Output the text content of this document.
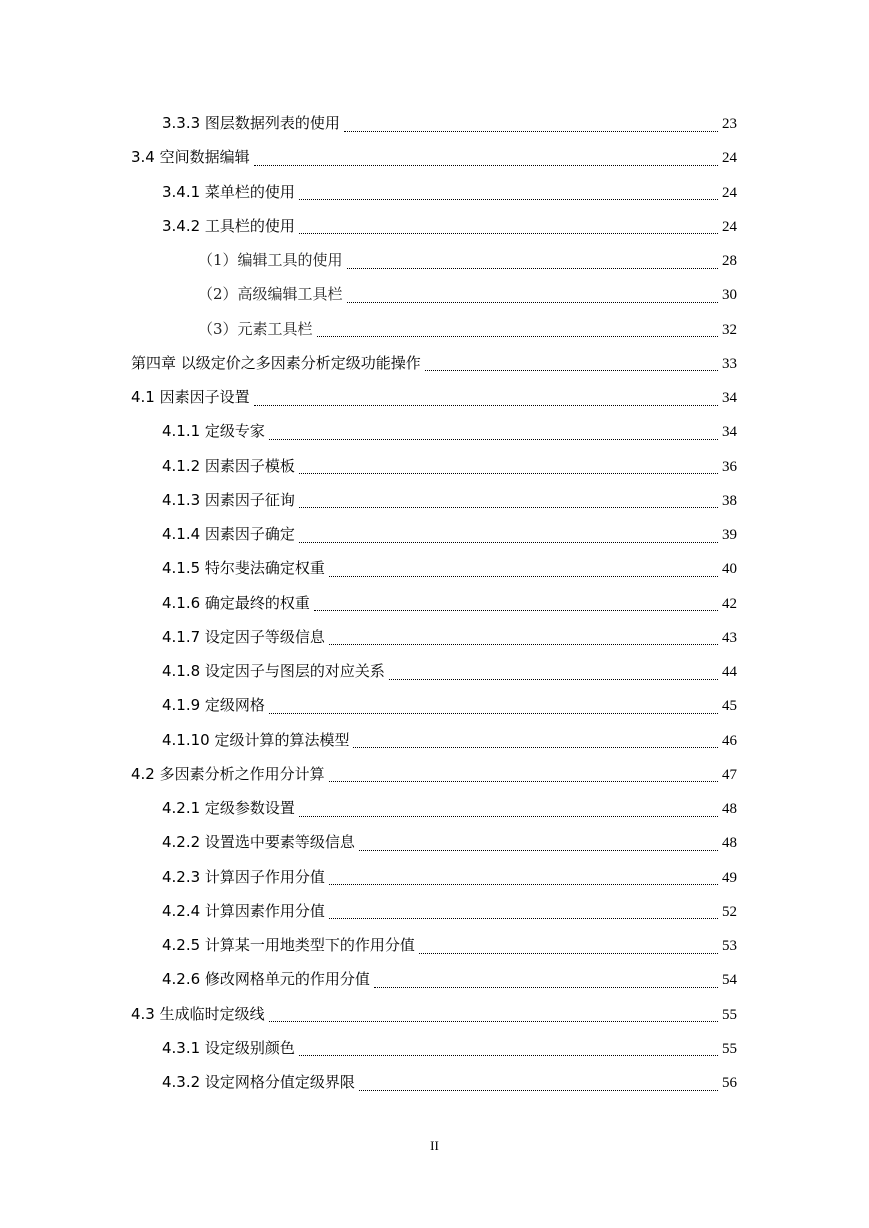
3.3.3 图层数据列表的使用	23
3.4 空间数据编辑	24
3.4.1 菜单栏的使用	24
3.4.2 工具栏的使用	24
（1）编辑工具的使用	28
（2）高级编辑工具栏	30
（3）元素工具栏	32
第四章 以级定价之多因素分析定级功能操作	33
4.1 因素因子设置	34
4.1.1 定级专家	34
4.1.2 因素因子模板	36
4.1.3 因素因子征询	38
4.1.4 因素因子确定	39
4.1.5 特尔斐法确定权重	40
4.1.6 确定最终的权重	42
4.1.7 设定因子等级信息	43
4.1.8 设定因子与图层的对应关系	44
4.1.9 定级网格	45
4.1.10 定级计算的算法模型	46
4.2 多因素分析之作用分计算	47
4.2.1 定级参数设置	48
4.2.2 设置选中要素等级信息	48
4.2.3 计算因子作用分值	49
4.2.4 计算因素作用分值	52
4.2.5 计算某一用地类型下的作用分值	53
4.2.6 修改网格单元的作用分值	54
4.3 生成临时定级线	55
4.3.1 设定级别颜色	55
4.3.2 设定网格分值定级界限	56
II
